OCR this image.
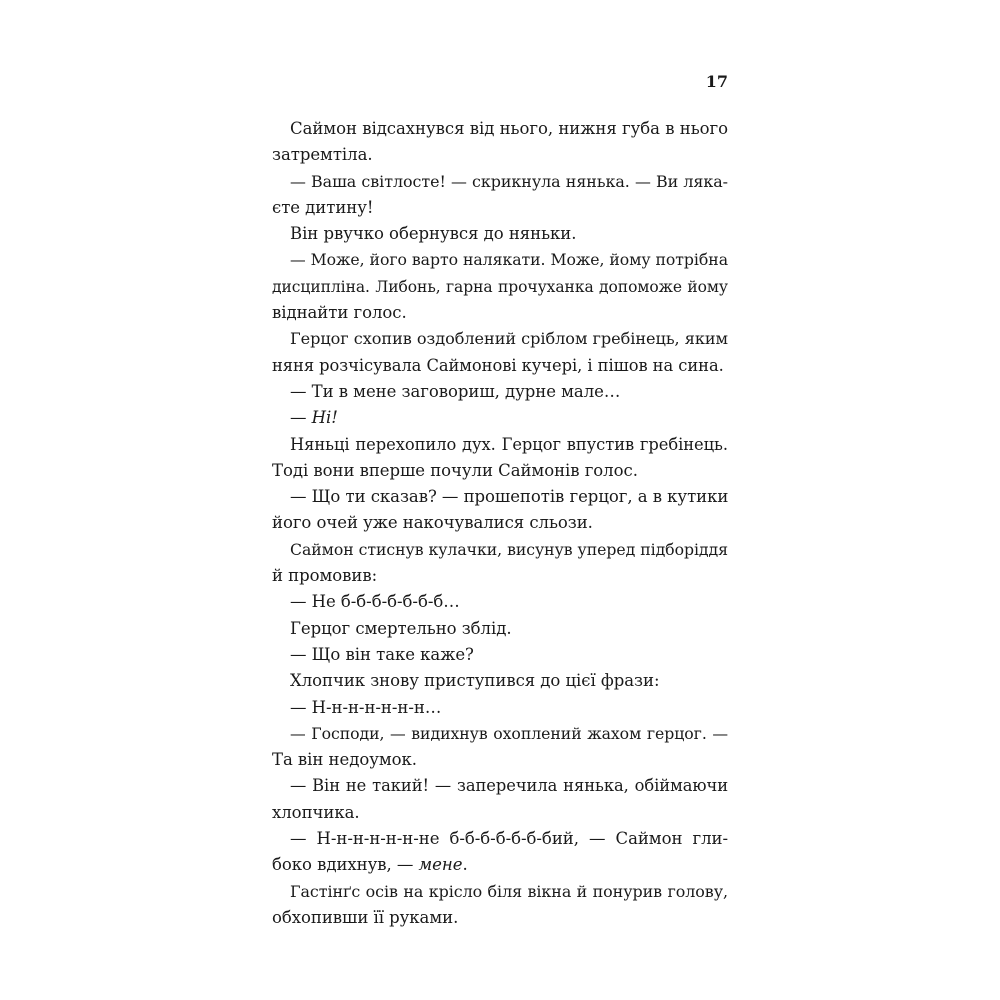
17
Саймон відсахнувся від нього, нижня губа в нього
затремтіла.
— Ваша світлосте! — скрикнула нянька. — Ви ляка-
єте дитину!
Він рвучко обернувся до няньки.
— Може, його варто налякати. Може, йому потрібна
дисципліна. Либонь, гарна прочуханка допоможе йому
віднайти голос.
Герцог схопив оздоблений сріблом гребінець, яким
няня розчісувала Саймонові кучері, і пішов на сина.
— Ти в мене заговориш, дурне мале…
— Ні!
Няньці перехопило дух. Герцог впустив гребінець.
Тоді вони вперше почули Саймонів голос.
— Що ти сказав? — прошепотів герцог, а в кутики
його очей уже накочувалися сльози.
Саймон стиснув кулачки, висунув уперед підборіддя
й промовив:
— Не б-б-б-б-б-б-б…
Герцог смертельно зблід.
— Що він таке каже?
Хлопчик знову приступився до цієї фрази:
— Н-н-н-н-н-н-н…
— Господи, — видихнув охоплений жахом герцог. —
Та він недоумок.
— Він не такий! — заперечила нянька, обіймаючи
хлопчика.
— Н-н-н-н-н-н-не б-б-б-б-б-б-бий, — Саймон гли-
боко вдихнув, — мене.
Гастінґс осів на крісло біля вікна й понурив голову,
обхопивши її руками.
